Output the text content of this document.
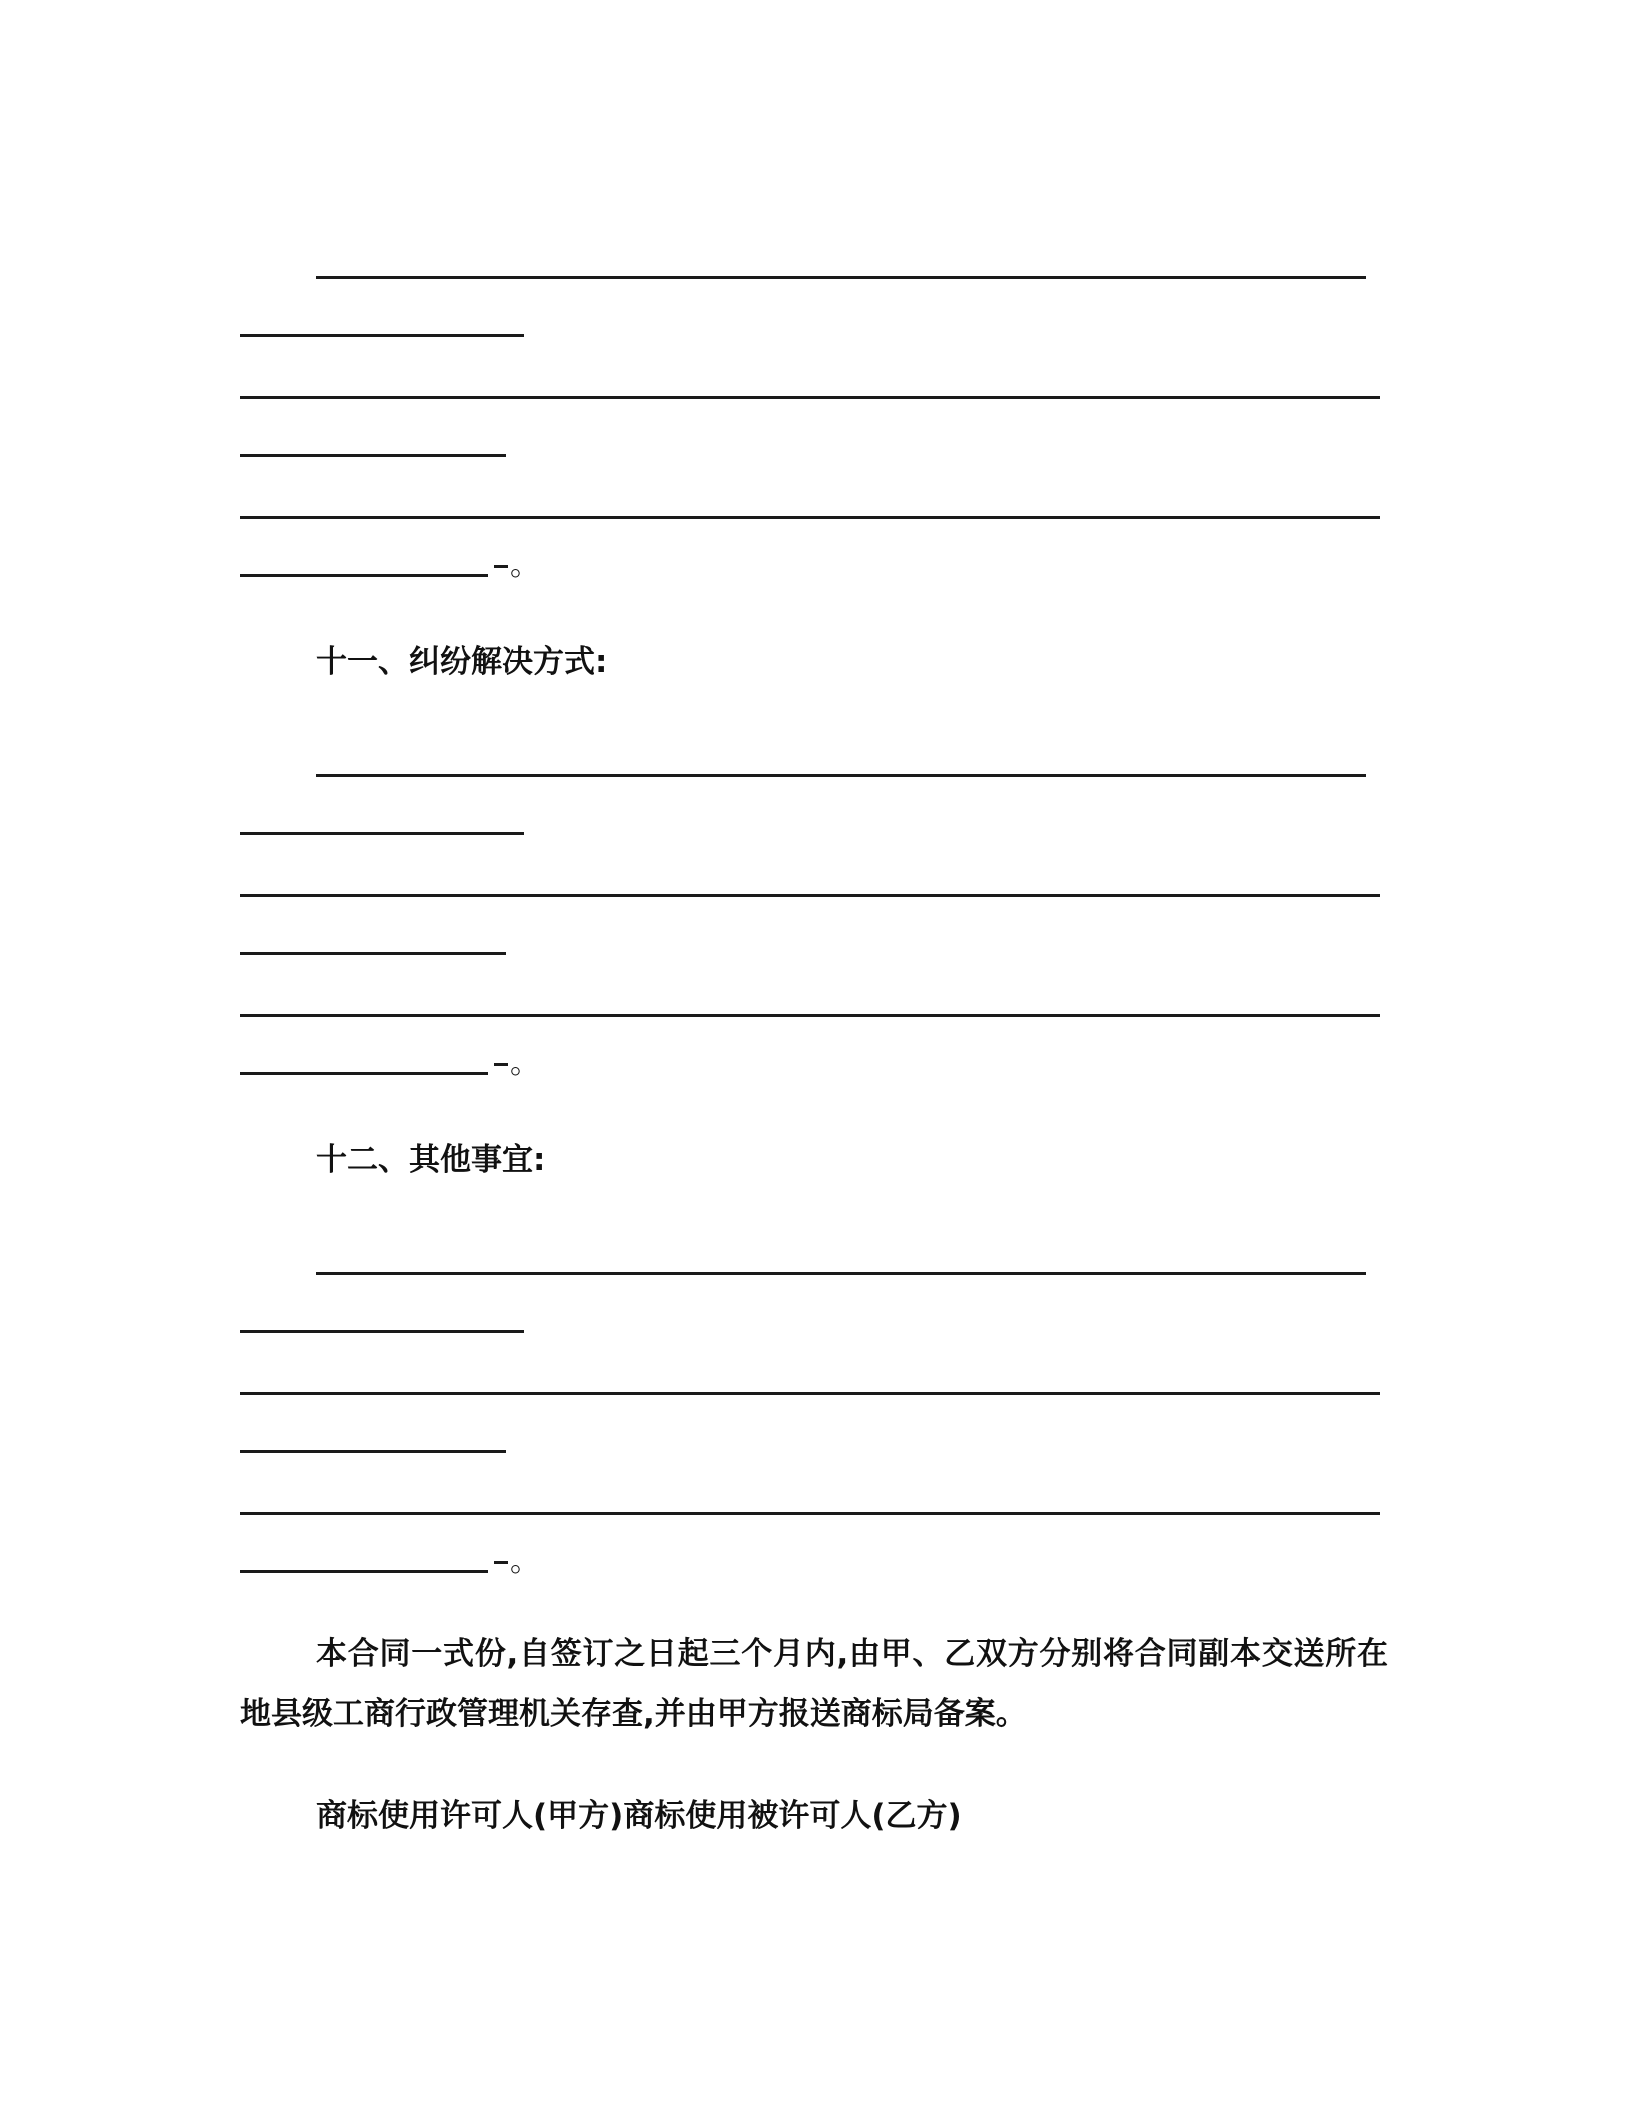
。
十一、纠纷解决方式:
。
十二、其他事宜:
。
本合同一式份,自签订之日起三个月内,由甲、乙双方分别将合同副本交送所在地县级工商行政管理机关存查,并由甲方报送商标局备案。
商标使用许可人(甲方)商标使用被许可人(乙方)
